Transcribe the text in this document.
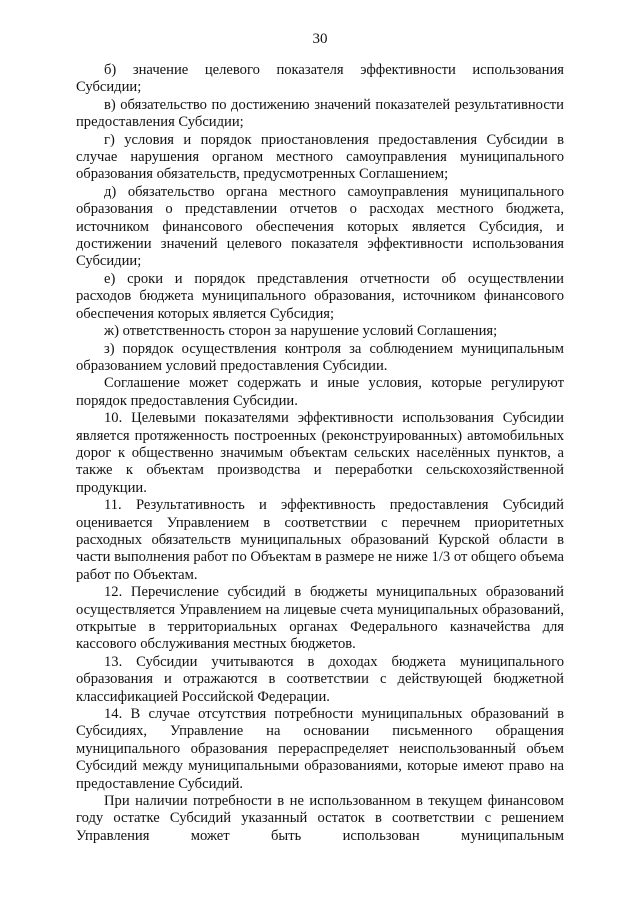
30

б) значение целевого показателя эффективности использования Субсидии;

в) обязательство по достижению значений показателей результативности предоставления Субсидии;

г) условия и порядок приостановления предоставления Субсидии в случае нарушения органом местного самоуправления муниципального образования обязательств, предусмотренных Соглашением;

д) обязательство органа местного самоуправления муниципального образования о представлении отчетов о расходах местного бюджета, источником финансового обеспечения которых является Субсидия, и достижении значений целевого показателя эффективности использования Субсидии;

е) сроки и порядок представления отчетности об осуществлении расходов бюджета муниципального образования, источником финансового обеспечения которых является Субсидия;

ж) ответственность сторон за нарушение условий Соглашения;

з) порядок осуществления контроля за соблюдением муниципальным образованием условий предоставления Субсидии.

Соглашение может содержать и иные условия, которые регулируют порядок предоставления Субсидии.

10. Целевыми показателями эффективности использования Субсидии является протяженность построенных (реконструированных) автомобильных дорог к общественно значимым объектам сельских населённых пунктов, а также к объектам производства и переработки сельскохозяйственной продукции.

11. Результативность и эффективность предоставления Субсидий оценивается Управлением в соответствии с перечнем приоритетных расходных обязательств муниципальных образований Курской области в части выполнения работ по Объектам в размере не ниже 1/3 от общего объема работ по Объектам.

12. Перечисление субсидий в бюджеты муниципальных образований осуществляется Управлением на лицевые счета муниципальных образований, открытые в территориальных органах Федерального казначейства для кассового обслуживания местных бюджетов.

13. Субсидии учитываются в доходах бюджета муниципального образования и отражаются в соответствии с действующей бюджетной классификацией Российской Федерации.

14. В случае отсутствия потребности муниципальных образований в Субсидиях, Управление на основании письменного обращения муниципального образования перераспределяет неиспользованный объем Субсидий между муниципальными образованиями, которые имеют право на предоставление Субсидий.

При наличии потребности в не использованном в текущем финансовом году остатке Субсидий указанный остаток в соответствии с решением Управления может быть использован муниципальным
